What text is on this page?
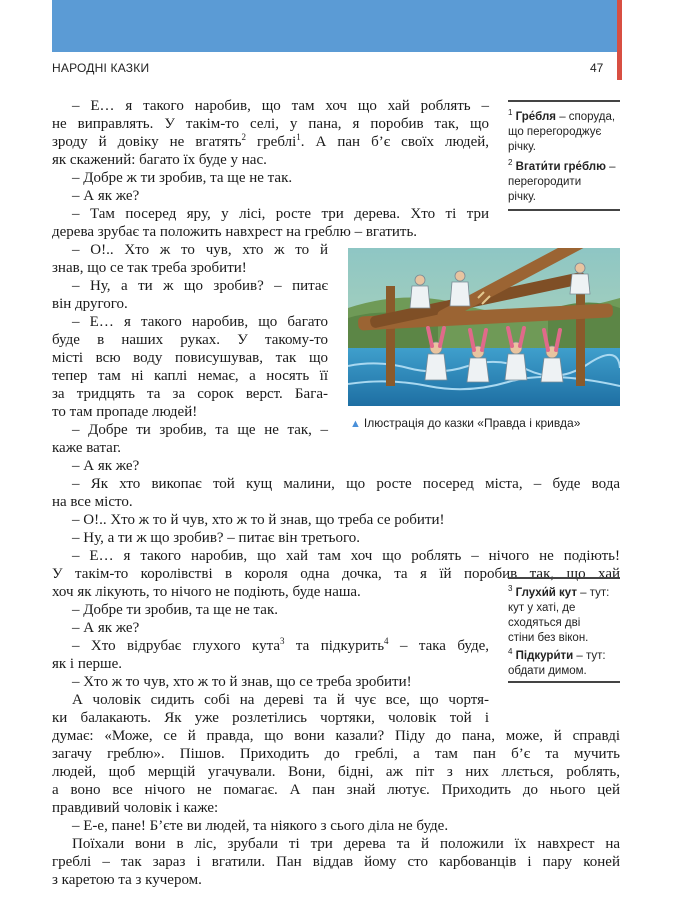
НАРОДНІ КАЗКИ	47
– Е… я такого наробив, що там хоч що хай роблять –
не виправлять. У такім-то селі, у пана, я поробив так, що
зроду й довіку не вгатять$^2$ греблі$^1$. А пан б’є своїх людей,
як скажений: багато їх буде у нас.
– Добре ж ти зробив, та ще не так.
– А як же?
– Там посеред яру, у лісі, росте три дерева. Хто ті три
дерева зрубає та положить навхрест на греблю – вгатить.
– О!.. Хто ж то чув, хто ж то й
знав, що се так треба зробити!
– Ну, а ти ж що зробив? – питає
він другого.
– Е… я такого наробив, що багато
буде в наших руках. У такому-то
місті всю воду повисушував, так що
тепер там ні каплі немає, а носять її
за тридцять та за сорок верст. Бага-
то там пропаде людей!
– Добре ти зробив, та ще не так, –
каже ватаг.
– А як же?
– Як хто викопає той кущ малини, що росте посеред міста, – буде вода
на все місто.
– О!.. Хто ж то й чув, хто ж то й знав, що треба се робити!
– Ну, а ти ж що зробив? – питає він третього.
– Е… я такого наробив, що хай там хоч що роблять – нічого не подіють!
У такім-то королівстві в короля одна дочка, та я їй поробив так, що хай
хоч як лікують, то нічого не подіють, буде наша.
– Добре ти зробив, та ще не так.
– А як же?
– Хто відрубає глухого кута$^3$ та підкурить$^4$ – така буде,
як і перше.
– Хто ж то чув, хто ж то й знав, що се треба зробити!
А чоловік сидить собі на дереві та й чує все, що чортя-
ки балакають. Як уже розлетілись чортяки, чоловік той і
думає: «Може, се й правда, що вони казали? Піду до пана, може, й справді
загачу греблю». Пішов. Приходить до греблі, а там пан б’є та мучить
людей, щоб мерщій угачували. Вони, бідні, аж піт з них ллється, роблять,
а воно все нічого не помагає. А пан знай лютує. Приходить до нього цей
правдивий чоловік і каже:
– Е-е, пане! Б’єте ви людей, та ніякого з сього діла не буде.
Поїхали вони в ліс, зрубали ті три дерева та й положили їх навхрест на
греблі – так зараз і вгатили. Пан віддав йому сто карбованців і пару коней
з каретою та з кучером.
$^1$ Гре́бля – споруда,
що перегороджує
річку.
$^2$ Вгати́ти гре́блю –
перегородити
річку.
$^3$ Глухи́й кут – тут:
кут у хаті, де
сходяться дві
стіни без вікон.
$^4$ Підкури́ти – тут:
обдати димом.
▲ Ілюстрація до казки «Правда і кривда»
